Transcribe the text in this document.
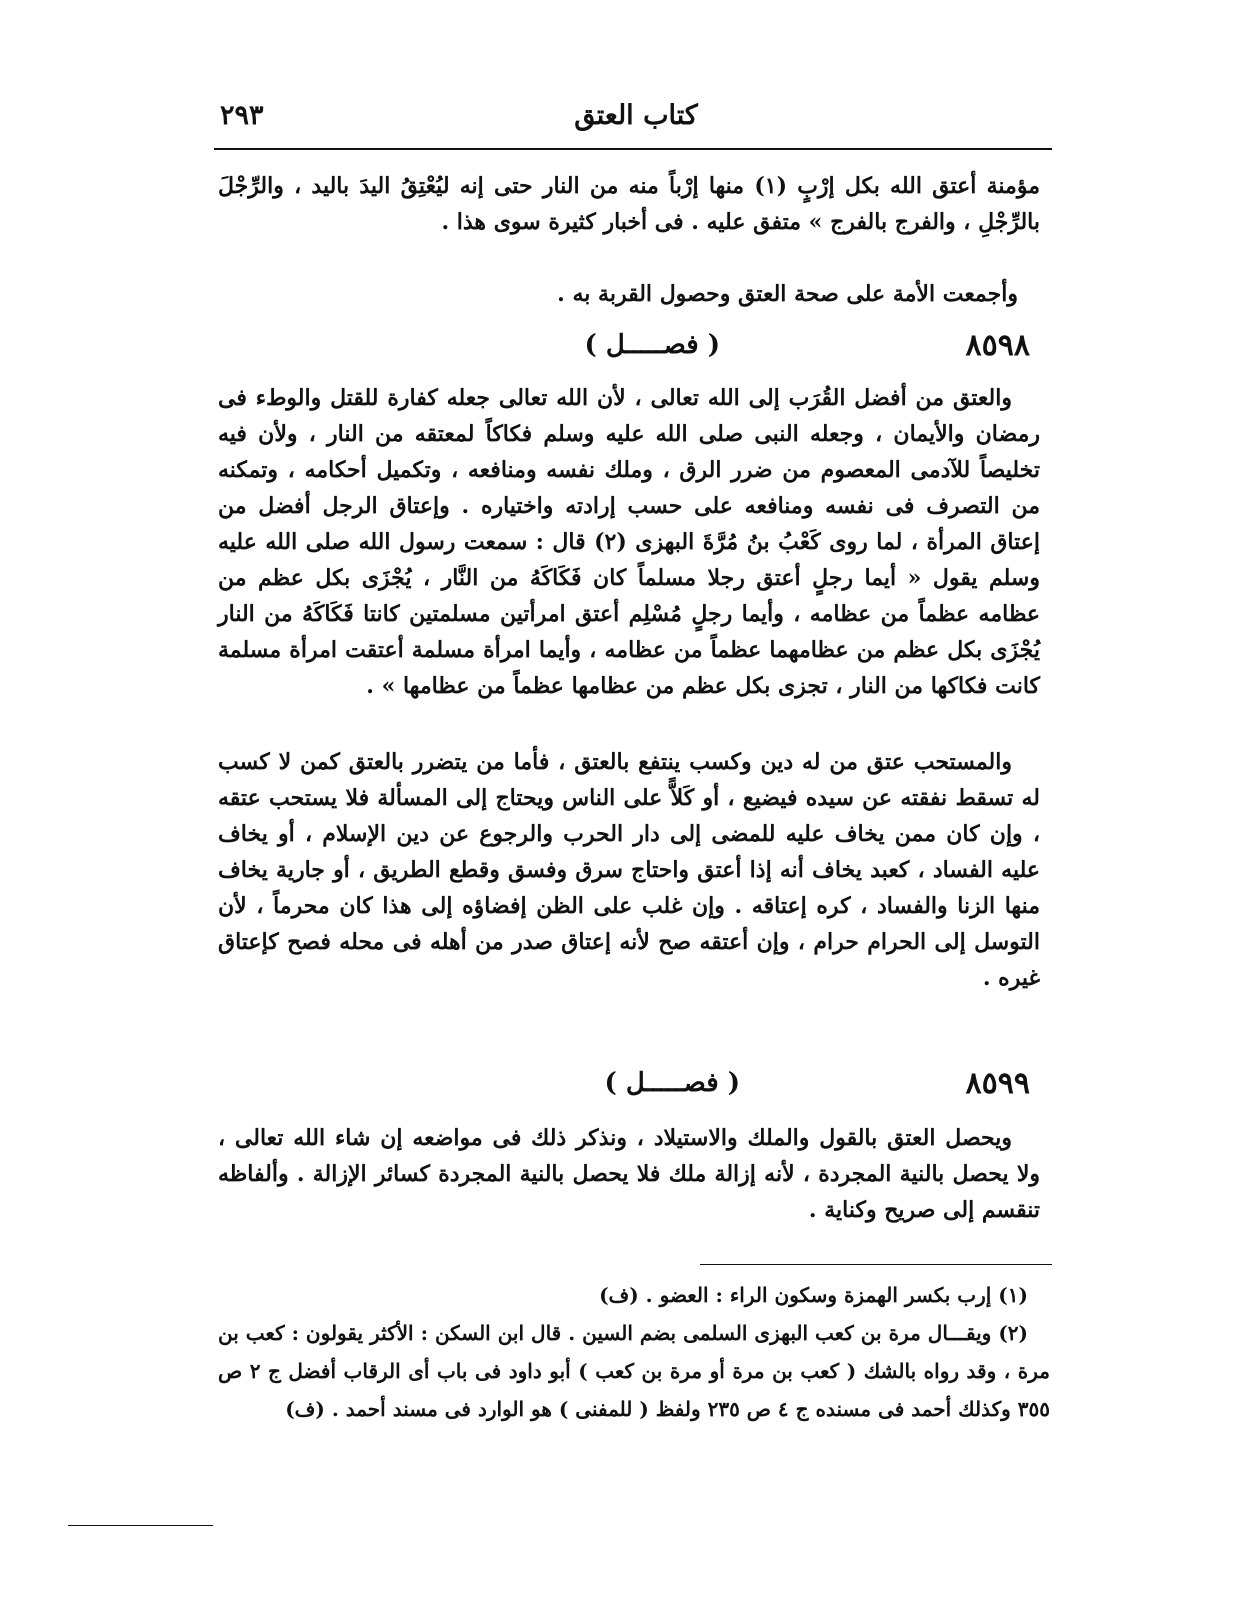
كتاب العتق
٢٩٣

مؤمنة أعتق الله بكل إرْبٍ (١) منها إرْباً منه من النار حتى إنه ليُعْتِقُ اليدَ باليد ، والرِّجْلَ بالرِّجْلِ ، والفرج بالفرج » متفق عليه . فى أخبار كثيرة سوى هذا .

وأجمعت الأمة على صحة العتق وحصول القربة به .

٨٥٩٨
( فصـــــل )

والعتق من أفضل القُرَب إلى الله تعالى ، لأن الله تعالى جعله كفارة للقتل والوطء فى رمضان والأيمان ، وجعله النبى صلى الله عليه وسلم فكاكاً لمعتقه من النار ، ولأن فيه تخليصاً للآدمى المعصوم من ضرر الرق ، وملك نفسه ومنافعه ، وتكميل أحكامه ، وتمكنه من التصرف فى نفسه ومنافعه على حسب إرادته واختياره . وإعتاق الرجل أفضل من إعتاق المرأة ، لما روى كَعْبُ بنُ مُرَّةَ البهزى (٢) قال : سمعت رسول الله صلى الله عليه وسلم يقول « أيما رجلٍ أعتق رجلا مسلماً كان فَكَاكَهُ من النَّار ، يُجْزَى بكل عظم من عظامه عظماً من عظامه ، وأيما رجلٍ مُسْلِم أعتق امرأتين مسلمتين كانتا فَكَاكَهُ من النار يُجْزَى بكل عظم من عظامهما عظماً من عظامه ، وأيما امرأة مسلمة أعتقت امرأة مسلمة كانت فكاكها من النار ، تجزى بكل عظم من عظامها عظماً من عظامها » .

والمستحب عتق من له دين وكسب ينتفع بالعتق ، فأما من يتضرر بالعتق كمن لا كسب له تسقط نفقته عن سيده فيضيع ، أو كَلاًّ على الناس ويحتاج إلى المسألة فلا يستحب عتقه ، وإن كان ممن يخاف عليه للمضى إلى دار الحرب والرجوع عن دين الإسلام ، أو يخاف عليه الفساد ، كعبد يخاف أنه إذا أعتق واحتاج سرق وفسق وقطع الطريق ، أو جارية يخاف منها الزنا والفساد ، كره إعتاقه . وإن غلب على الظن إفضاؤه إلى هذا كان محرماً ، لأن التوسل إلى الحرام حرام ، وإن أعتقه صح لأنه إعتاق صدر من أهله فى محله فصح كإعتاق غيره .

٨٥٩٩
( فصـــــل )

ويحصل العتق بالقول والملك والاستيلاد ، ونذكر ذلك فى مواضعه إن شاء الله تعالى ، ولا يحصل بالنية المجردة ، لأنه إزالة ملك فلا يحصل بالنية المجردة كسائر الإزالة . وألفاظه تنقسم إلى صريح وكناية .

(١) إرب بكسر الهمزة وسكون الراء : العضو . (ف)

(٢) ويقـــال مرة بن كعب البهزى السلمى بضم السين . قال ابن السكن : الأكثر يقولون : كعب بن مرة ، وقد رواه بالشك ( كعب بن مرة أو مرة بن كعب ) أبو داود فى باب أى الرقاب أفضل ج ٢ ص ٣٥٥ وكذلك أحمد فى مسنده ج ٤ ص ٢٣٥ ولفظ ( للمفنى ) هو الوارد فى مسند أحمد . (ف)
